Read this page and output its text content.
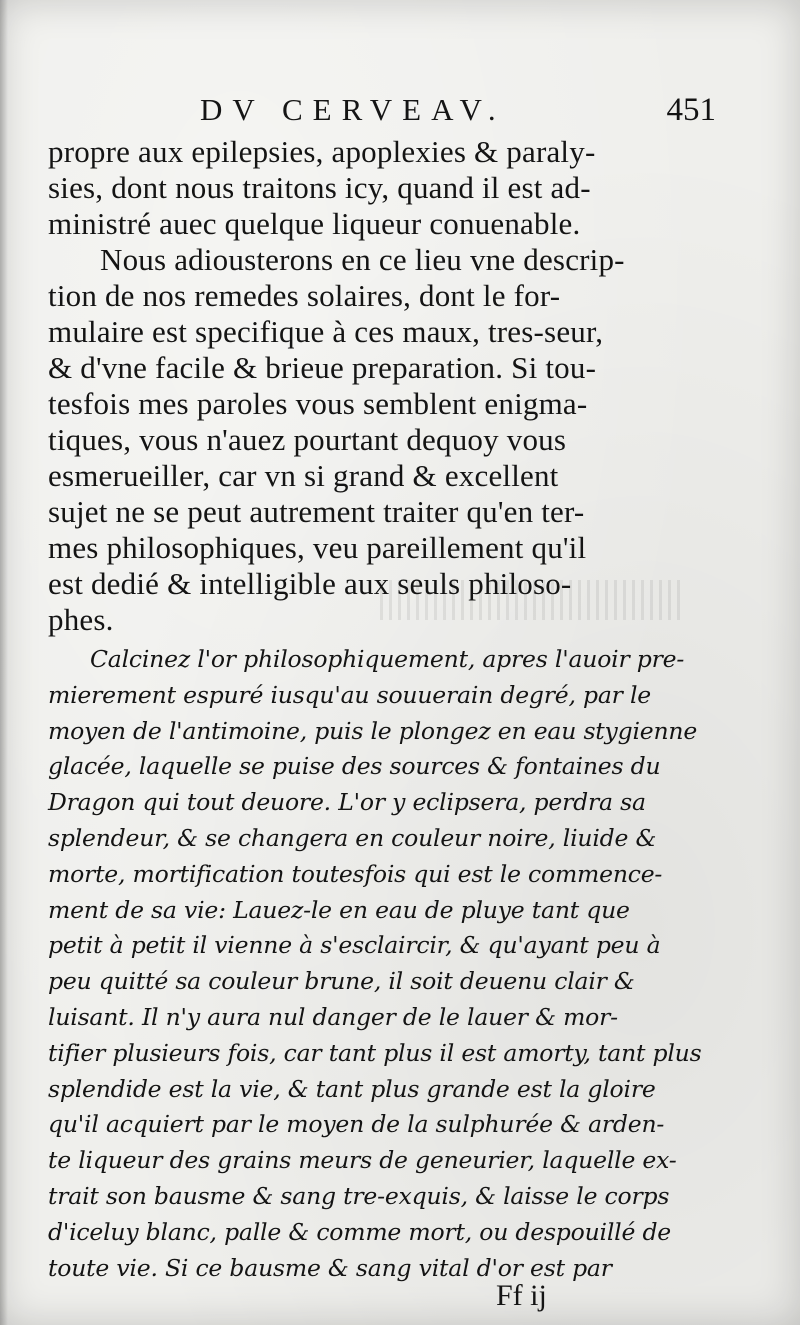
DV CERVEAV.	451
propre aux epilepsies, apoplexies & paraly-
sies, dont nous traitons icy, quand il est ad-
ministré auec quelque liqueur conuenable.
Nous adiousterons en ce lieu vne descrip-
tion de nos remedes solaires, dont le for-
mulaire est specifique à ces maux, tres-seur,
& d'vne facile & brieue preparation. Si tou-
tesfois mes paroles vous semblent enigma-
tiques, vous n'auez pourtant dequoy vous
esmerueiller, car vn si grand & excellent
sujet ne se peut autrement traiter qu'en ter-
mes philosophiques, veu pareillement qu'il
est dedié & intelligible aux seuls philoso-
phes.
Calcinez l'or philosophiquement, apres l'auoir pre-
mierement espuré iusqu'au souuerain degré, par le
moyen de l'antimoine, puis le plongez en eau stygienne
glacée, laquelle se puise des sources & fontaines du
Dragon qui tout deuore. L'or y eclipsera, perdra sa
splendeur, & se changera en couleur noire, liuide &
morte, mortification toutesfois qui est le commence-
ment de sa vie: Lauez-le en eau de pluye tant que
petit à petit il vienne à s'esclaircir, & qu'ayant peu à
peu quitté sa couleur brune, il soit deuenu clair &
luisant. Il n'y aura nul danger de le lauer & mor-
tifier plusieurs fois, car tant plus il est amorty, tant plus
splendide est la vie, & tant plus grande est la gloire
qu'il acquiert par le moyen de la sulphurée & arden-
te liqueur des grains meurs de geneurier, laquelle ex-
trait son bausme & sang tre-exquis, & laisse le corps
d'iceluy blanc, palle & comme mort, ou despouillé de
toute vie. Si ce bausme & sang vital d'or est par
Ff ij
